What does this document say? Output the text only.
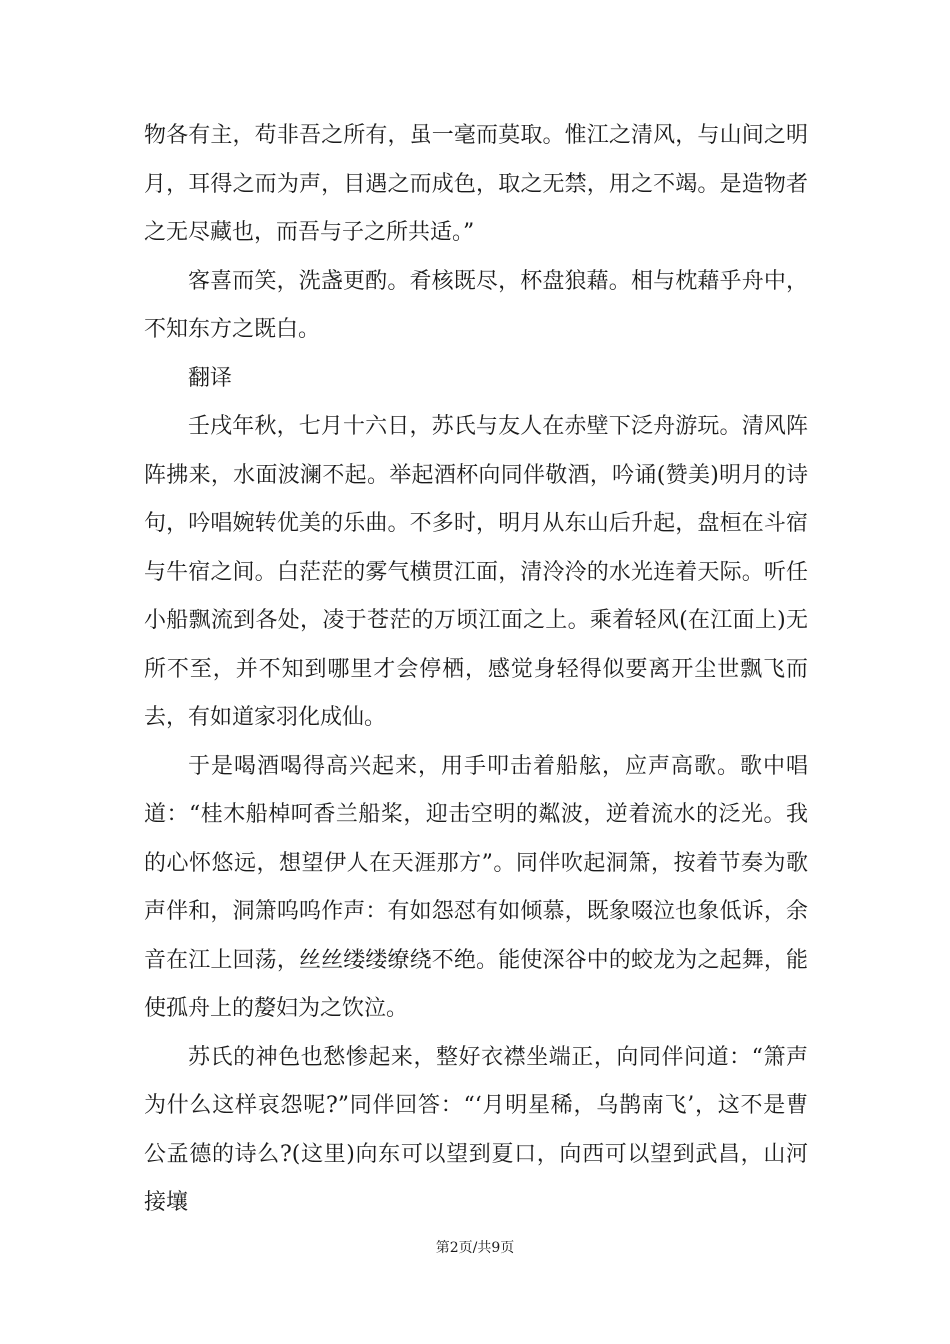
物各有主，苟非吾之所有，虽一毫而莫取。惟江之清风，与山间之明月，耳得之而为声，目遇之而成色，取之无禁，用之不竭。是造物者之无尽藏也，而吾与子之所共适。”

客喜而笑，洗盏更酌。肴核既尽，杯盘狼藉。相与枕藉乎舟中，不知东方之既白。

翻译

壬戌年秋，七月十六日，苏氏与友人在赤壁下泛舟游玩。清风阵阵拂来，水面波澜不起。举起酒杯向同伴敬酒，吟诵(赞美)明月的诗句，吟唱婉转优美的乐曲。不多时，明月从东山后升起，盘桓在斗宿与牛宿之间。白茫茫的雾气横贯江面，清泠泠的水光连着天际。听任小船飘流到各处，凌于苍茫的万顷江面之上。乘着轻风(在江面上)无所不至，并不知到哪里才会停栖，感觉身轻得似要离开尘世飘飞而去，有如道家羽化成仙。

于是喝酒喝得高兴起来，用手叩击着船舷，应声高歌。歌中唱道：“桂木船棹呵香兰船桨，迎击空明的粼波，逆着流水的泛光。我的心怀悠远，想望伊人在天涯那方”。同伴吹起洞箫，按着节奏为歌声伴和，洞箫呜呜作声：有如怨怼有如倾慕，既象啜泣也象低诉，余音在江上回荡，丝丝缕缕缭绕不绝。能使深谷中的蛟龙为之起舞，能使孤舟上的嫠妇为之饮泣。

苏氏的神色也愁惨起来，整好衣襟坐端正，向同伴问道：“箫声为什么这样哀怨呢?”同伴回答：“‘月明星稀，乌鹊南飞’，这不是曹公孟德的诗么?(这里)向东可以望到夏口，向西可以望到武昌，山河接壤

第2页/共9页
